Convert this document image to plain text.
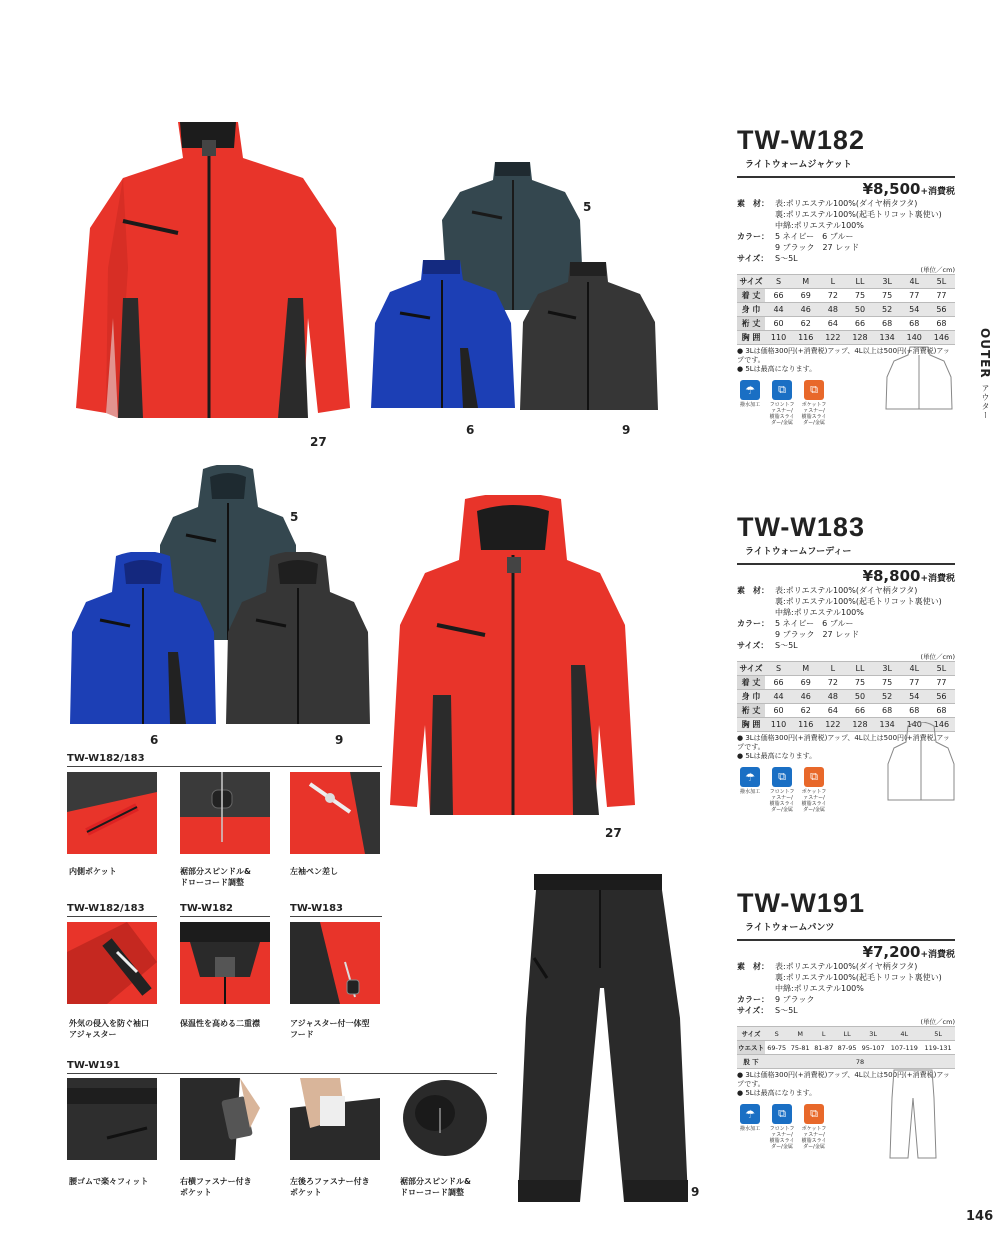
27
5
6	9
5
6	9
27
9
TW-W182/183
内側ポケット	裾部分スピンドル&
ドローコード調整
左袖ペン差し
TW-W182/183	TW-W182	TW-W183
外気の侵入を防ぐ袖口
アジャスター
保温性を高める二重襟	アジャスター付一体型
フード
TW-W191
腰ゴムで楽々フィット	右横ファスナー付き
ポケット
左後ろファスナー付き
ポケット
裾部分スピンドル&
ドローコード調整
TW-W182ライトウォームジャケット
¥8,500+消費税
素　材： 表:ポリエステル100%(ダイヤ柄タフタ)
裏:ポリエステル100%(起毛トリコット裏使い)
中綿:ポリエステル100%
カラー： 5 ネイビー　6 ブルー
9 ブラック　27 レッド
サイズ： S〜5L
(単位／cm)
サイズ	S	M	L	LL	3L	4L	5L
着 丈	66	69	72	75	75	77	77
身 巾	44	46	48	50	52	54	56
裄 丈	60	62	64	66	68	68	68
胸 囲	110	116	122	128	134	140	146
● 3Lは価格300円(+消費税)アップ、4L以上は500円(+消費税)アップです。
● 5Lは最高になります。
☂
撥水加工
⧉
フロントファスナー/樹脂スライダー/金属
⧉
ポケットファスナー/樹脂スライダー/金属
TW-W183ライトウォームフーディー
¥8,800+消費税
素　材： 表:ポリエステル100%(ダイヤ柄タフタ)
裏:ポリエステル100%(起毛トリコット裏使い)
中綿:ポリエステル100%
カラー： 5 ネイビー　6 ブルー
9 ブラック　27 レッド
サイズ： S〜5L
(単位／cm)
サイズ	S	M	L	LL	3L	4L	5L
着 丈	66	69	72	75	75	77	77
身 巾	44	46	48	50	52	54	56
裄 丈	60	62	64	66	68	68	68
胸 囲	110	116	122	128	134	140	146
● 3Lは価格300円(+消費税)アップ、4L以上は500円(+消費税)アップです。
● 5Lは最高になります。
☂
撥水加工
⧉
フロントファスナー/樹脂スライダー/金属
⧉
ポケットファスナー/樹脂スライダー/金属
TW-W191ライトウォームパンツ
¥7,200+消費税
素　材： 表:ポリエステル100%(ダイヤ柄タフタ)
裏:ポリエステル100%(起毛トリコット裏使い)
中綿:ポリエステル100%
カラー： 9 ブラック
サイズ： S〜5L
(単位／cm)
サイズ	S	M	L	LL	3L	4L	5L
ウエスト	69-75	75-81	81-87	87-95	95-107	107-119	119-131
股 下	78						
● 3Lは価格300円(+消費税)アップ、4L以上は500円(+消費税)アップです。
● 5Lは最高になります。
☂
撥水加工
⧉
フロントファスナー/樹脂スライダー/金属
⧉
ポケットファスナー/樹脂スライダー/金属
OUTER アウター
146
